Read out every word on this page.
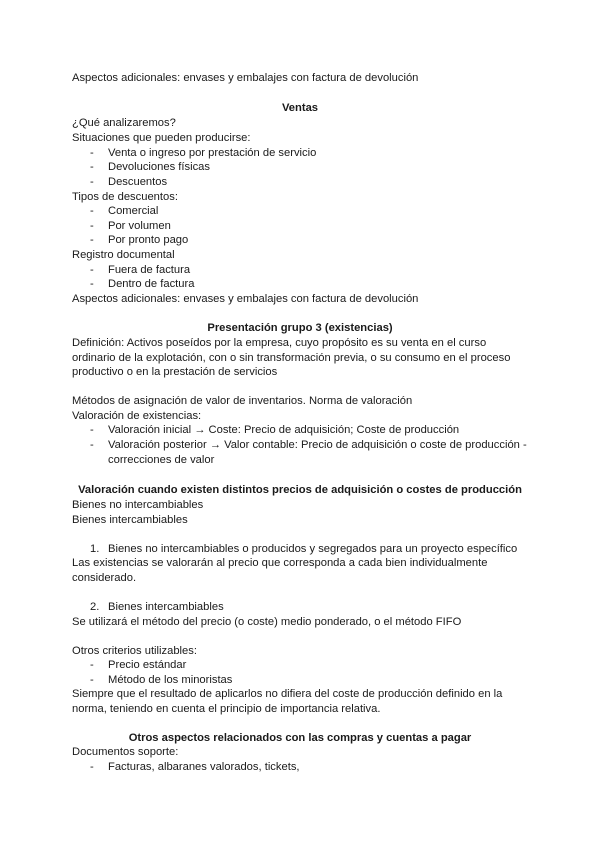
Aspectos adicionales: envases y embalajes con factura de devolución
Ventas
¿Qué analizaremos?
Situaciones que pueden producirse:
- Venta o ingreso por prestación de servicio
- Devoluciones físicas
- Descuentos
Tipos de descuentos:
- Comercial
- Por volumen
- Por pronto pago
Registro documental
- Fuera de factura
- Dentro de factura
Aspectos adicionales: envases y embalajes con factura de devolución
Presentación grupo 3 (existencias)
Definición: Activos poseídos por la empresa, cuyo propósito es su venta en el curso
ordinario de la explotación, con o sin transformación previa, o su consumo en el proceso
productivo o en la prestación de servicios
Métodos de asignación de valor de inventarios. Norma de valoración
Valoración de existencias:
- Valoración inicial → Coste: Precio de adquisición; Coste de producción
- Valoración posterior → Valor contable: Precio de adquisición o coste de producción -
correcciones de valor
Valoración cuando existen distintos precios de adquisición o costes de producción
Bienes no intercambiables
Bienes intercambiables
1. Bienes no intercambiables o producidos y segregados para un proyecto específico
Las existencias se valorarán al precio que corresponda a cada bien individualmente
considerado.
2. Bienes intercambiables
Se utilizará el método del precio (o coste) medio ponderado, o el método FIFO
Otros criterios utilizables:
- Precio estándar
- Método de los minoristas
Siempre que el resultado de aplicarlos no difiera del coste de producción definido en la
norma, teniendo en cuenta el principio de importancia relativa.
Otros aspectos relacionados con las compras y cuentas a pagar
Documentos soporte:
- Facturas, albaranes valorados, tickets,
